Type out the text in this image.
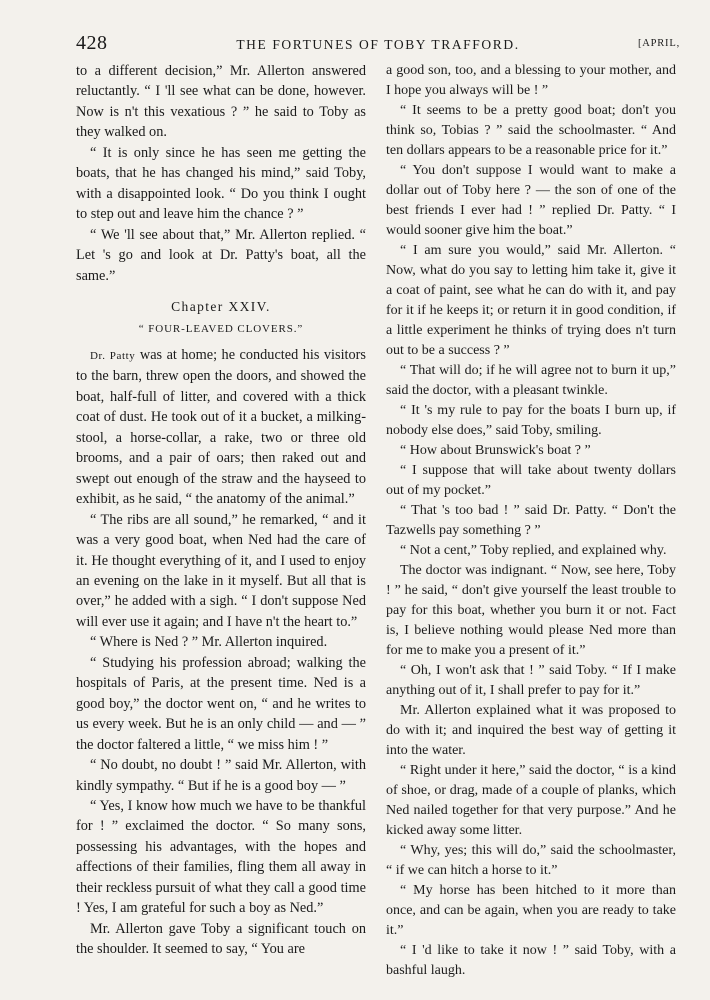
428	THE FORTUNES OF TOBY TRAFFORD.	[APRIL,

to a different decision,” Mr. Allerton answered reluctantly. “ I 'll see what can be done, however. Now is n't this vexatious ? ” he said to Toby as they walked on.

“ It is only since he has seen me getting the boats, that he has changed his mind,” said Toby, with a disappointed look. “ Do you think I ought to step out and leave him the chance ? ”

“ We 'll see about that,” Mr. Allerton replied. “ Let 's go and look at Dr. Patty's boat, all the same.”

Chapter XXIV.
“ FOUR-LEAVED CLOVERS.”

Dr. Patty was at home; he conducted his visitors to the barn, threw open the doors, and showed the boat, half-full of litter, and covered with a thick coat of dust. He took out of it a bucket, a milking-stool, a horse-collar, a rake, two or three old brooms, and a pair of oars; then raked out and swept out enough of the straw and the hayseed to exhibit, as he said, “ the anatomy of the animal.”

“ The ribs are all sound,” he remarked, “ and it was a very good boat, when Ned had the care of it. He thought everything of it, and I used to enjoy an evening on the lake in it myself. But all that is over,” he added with a sigh. “ I don't suppose Ned will ever use it again; and I have n't the heart to.”

“ Where is Ned ? ” Mr. Allerton inquired.

“ Studying his profession abroad; walking the hospitals of Paris, at the present time. Ned is a good boy,” the doctor went on, “ and he writes to us every week. But he is an only child — and — ” the doctor faltered a little, “ we miss him ! ”

“ No doubt, no doubt ! ” said Mr. Allerton, with kindly sympathy. “ But if he is a good boy — ”

“ Yes, I know how much we have to be thankful for ! ” exclaimed the doctor. “ So many sons, possessing his advantages, with the hopes and affections of their families, fling them all away in their reckless pursuit of what they call a good time ! Yes, I am grateful for such a boy as Ned.”

Mr. Allerton gave Toby a significant touch on the shoulder. It seemed to say, “ You are

a good son, too, and a blessing to your mother, and I hope you always will be ! ”

“ It seems to be a pretty good boat; don't you think so, Tobias ? ” said the schoolmaster. “ And ten dollars appears to be a reasonable price for it.”

“ You don't suppose I would want to make a dollar out of Toby here ? — the son of one of the best friends I ever had ! ” replied Dr. Patty. “ I would sooner give him the boat.”

“ I am sure you would,” said Mr. Allerton. “ Now, what do you say to letting him take it, give it a coat of paint, see what he can do with it, and pay for it if he keeps it; or return it in good condition, if a little experiment he thinks of trying does n't turn out to be a success ? ”

“ That will do; if he will agree not to burn it up,” said the doctor, with a pleasant twinkle.

“ It 's my rule to pay for the boats I burn up, if nobody else does,” said Toby, smiling.

“ How about Brunswick's boat ? ”

“ I suppose that will take about twenty dollars out of my pocket.”

“ That 's too bad ! ” said Dr. Patty. “ Don't the Tazwells pay something ? ”

“ Not a cent,” Toby replied, and explained why.

The doctor was indignant. “ Now, see here, Toby ! ” he said, “ don't give yourself the least trouble to pay for this boat, whether you burn it or not. Fact is, I believe nothing would please Ned more than for me to make you a present of it.”

“ Oh, I won't ask that ! ” said Toby. “ If I make anything out of it, I shall prefer to pay for it.”

Mr. Allerton explained what it was proposed to do with it; and inquired the best way of getting it into the water.

“ Right under it here,” said the doctor, “ is a kind of shoe, or drag, made of a couple of planks, which Ned nailed together for that very purpose.” And he kicked away some litter.

“ Why, yes; this will do,” said the schoolmaster, “ if we can hitch a horse to it.”

“ My horse has been hitched to it more than once, and can be again, when you are ready to take it.”

“ I 'd like to take it now ! ” said Toby, with a bashful laugh.
